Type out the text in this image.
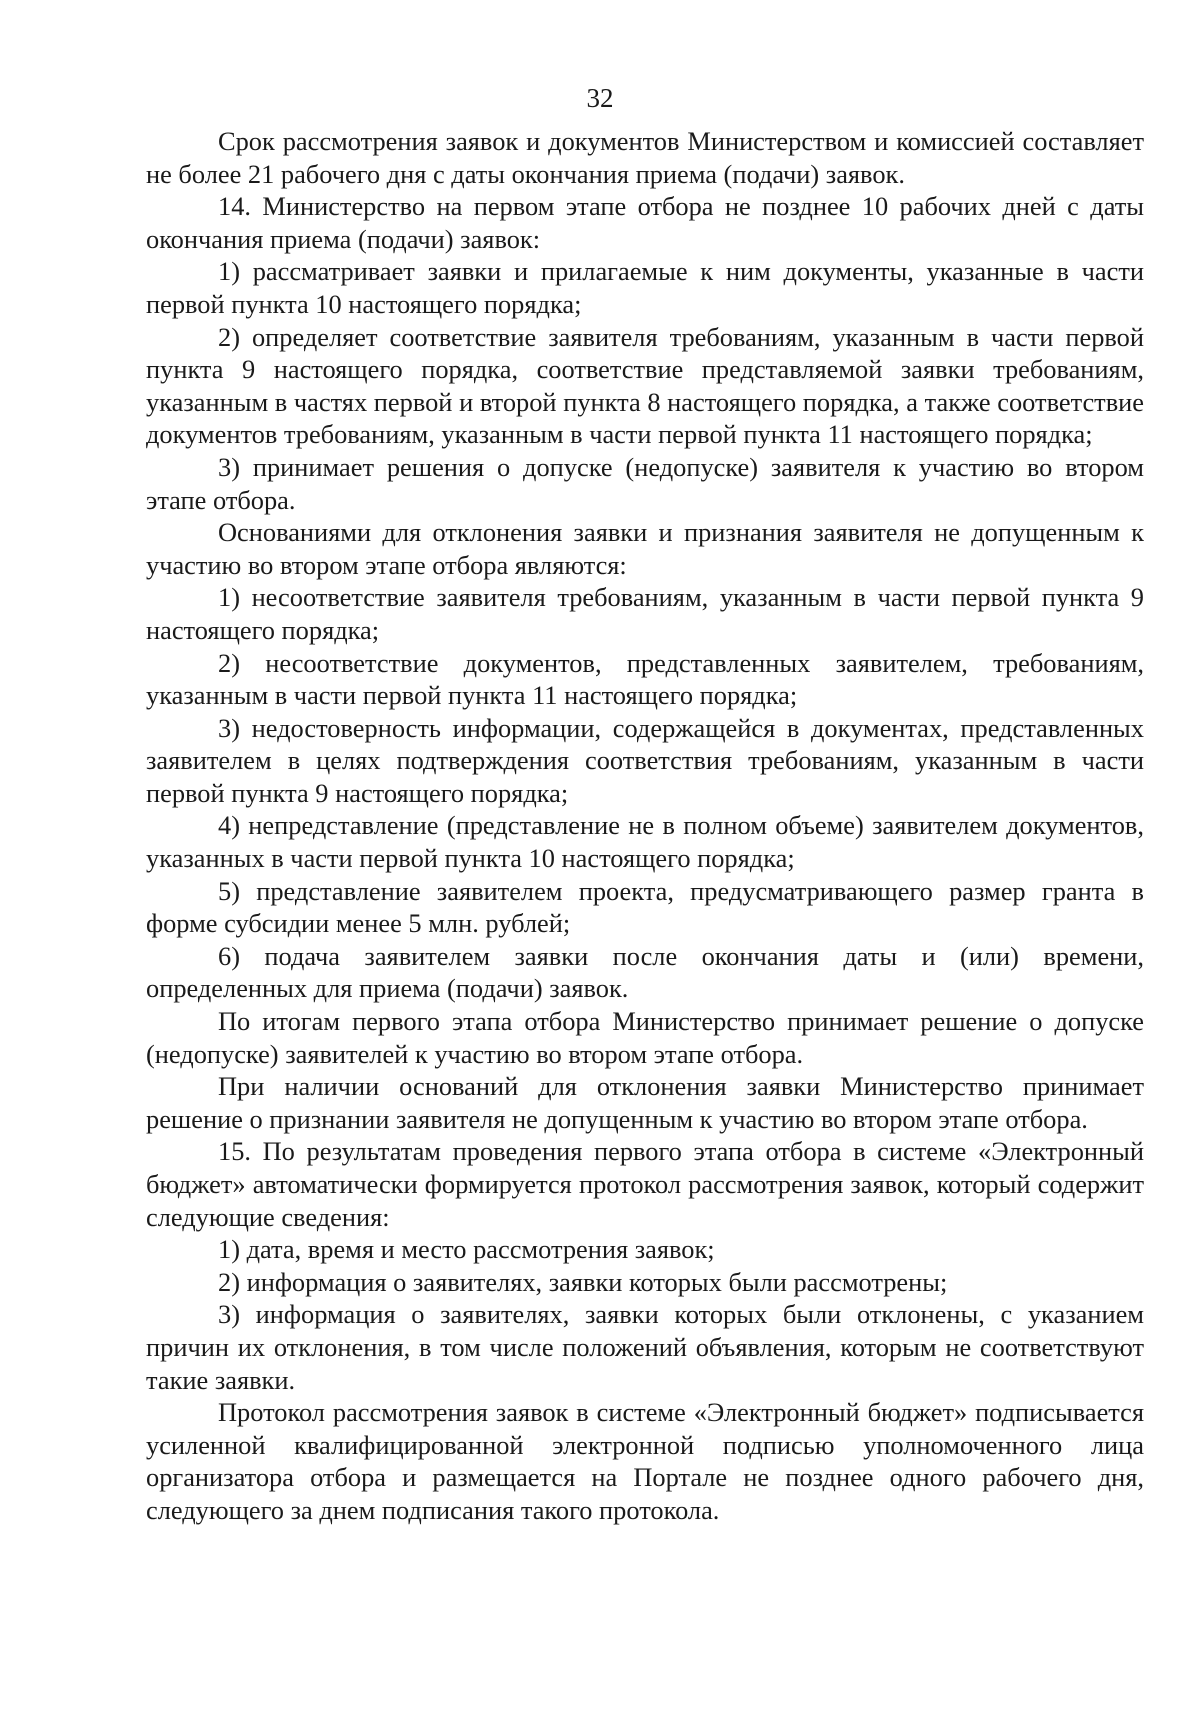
32

Срок рассмотрения заявок и документов Министерством и комиссией составляет не более 21 рабочего дня с даты окончания приема (подачи) заявок.

14. Министерство на первом этапе отбора не позднее 10 рабочих дней с даты окончания приема (подачи) заявок:

1) рассматривает заявки и прилагаемые к ним документы, указанные в части первой пункта 10 настоящего порядка;

2) определяет соответствие заявителя требованиям, указанным в части первой пункта 9 настоящего порядка, соответствие представляемой заявки требованиям, указанным в частях первой и второй пункта 8 настоящего порядка, а также соответствие документов требованиям, указанным в части первой пункта 11 настоящего порядка;

3) принимает решения о допуске (недопуске) заявителя к участию во втором этапе отбора.

Основаниями для отклонения заявки и признания заявителя не допущенным к участию во втором этапе отбора являются:

1) несоответствие заявителя требованиям, указанным в части первой пункта 9 настоящего порядка;

2) несоответствие документов, представленных заявителем, требованиям, указанным в части первой пункта 11 настоящего порядка;

3) недостоверность информации, содержащейся в документах, представленных заявителем в целях подтверждения соответствия требованиям, указанным в части первой пункта 9 настоящего порядка;

4) непредставление (представление не в полном объеме) заявителем документов, указанных в части первой пункта 10 настоящего порядка;

5) представление заявителем проекта, предусматривающего размер гранта в форме субсидии менее 5 млн. рублей;

6) подача заявителем заявки после окончания даты и (или) времени, определенных для приема (подачи) заявок.

По итогам первого этапа отбора Министерство принимает решение о допуске (недопуске) заявителей к участию во втором этапе отбора.

При наличии оснований для отклонения заявки Министерство принимает решение о признании заявителя не допущенным к участию во втором этапе отбора.

15. По результатам проведения первого этапа отбора в системе «Электронный бюджет» автоматически формируется протокол рассмотрения заявок, который содержит следующие сведения:

1) дата, время и место рассмотрения заявок;

2) информация о заявителях, заявки которых были рассмотрены;

3) информация о заявителях, заявки которых были отклонены, с указанием причин их отклонения, в том числе положений объявления, которым не соответствуют такие заявки.

Протокол рассмотрения заявок в системе «Электронный бюджет» подписывается усиленной квалифицированной электронной подписью уполномоченного лица организатора отбора и размещается на Портале не позднее одного рабочего дня, следующего за днем подписания такого протокола.
